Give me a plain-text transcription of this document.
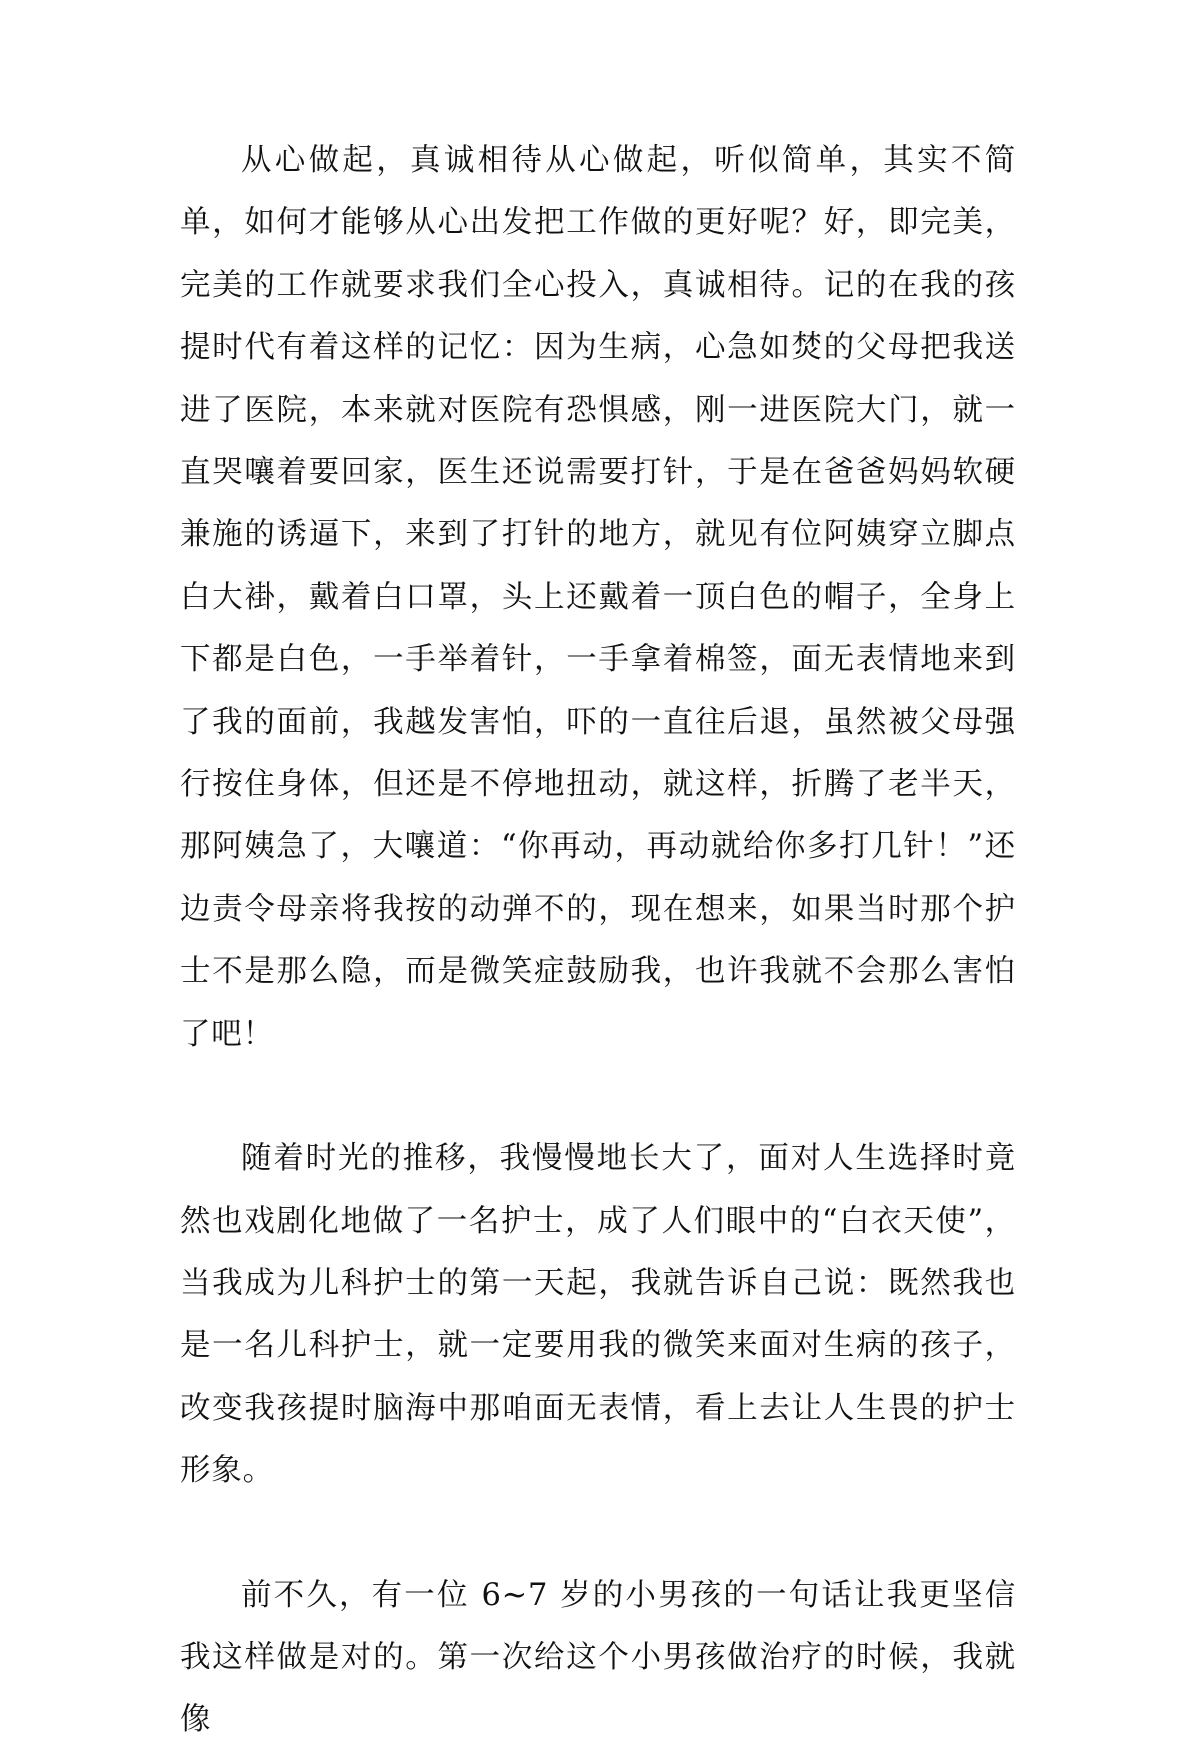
从心做起，真诚相待从心做起，听似简单，其实不简单，如何才能够从心出发把工作做的更好呢？好，即完美，完美的工作就要求我们全心投入，真诚相待。记的在我的孩提时代有着这样的记忆：因为生病，心急如焚的父母把我送进了医院，本来就对医院有恐惧感，刚一进医院大门，就一直哭嚷着要回家，医生还说需要打针，于是在爸爸妈妈软硬兼施的诱逼下，来到了打针的地方，就见有位阿姨穿立脚点白大褂，戴着白口罩，头上还戴着一顶白色的帽子，全身上下都是白色，一手举着针，一手拿着棉签，面无表情地来到了我的面前，我越发害怕，吓的一直往后退，虽然被父母强行按住身体，但还是不停地扭动，就这样，折腾了老半天，那阿姨急了，大嚷道：“你再动，再动就给你多打几针！”还边责令母亲将我按的动弹不的，现在想来，如果当时那个护士不是那么隐，而是微笑症鼓励我，也许我就不会那么害怕了吧！

随着时光的推移，我慢慢地长大了，面对人生选择时竟然也戏剧化地做了一名护士，成了人们眼中的“白衣天使”，当我成为儿科护士的第一天起，我就告诉自己说：既然我也是一名儿科护士，就一定要用我的微笑来面对生病的孩子，改变我孩提时脑海中那咱面无表情，看上去让人生畏的护士形象。

前不久，有一位 6~7 岁的小男孩的一句话让我更坚信我这样做是对的。第一次给这个小男孩做治疗的时候，我就像
